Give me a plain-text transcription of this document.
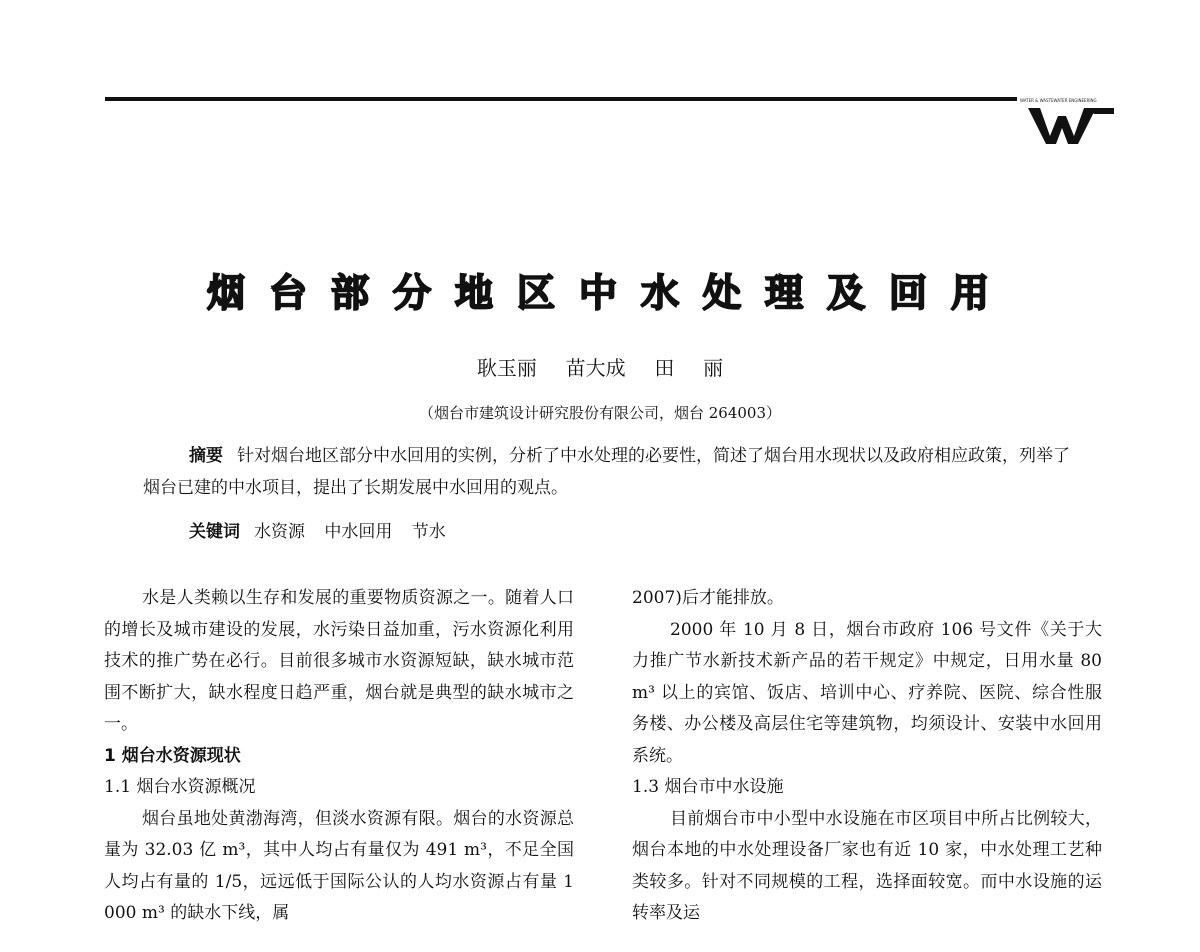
WATER & WASTEWATER ENGINEERING
烟台部分地区中水处理及回用
耿玉丽  苗大成  田  丽
（烟台市建筑设计研究股份有限公司，烟台 264003）

摘要 针对烟台地区部分中水回用的实例，分析了中水处理的必要性，简述了烟台用水现状以及政府相应政策，列举了烟台已建的中水项目，提出了长期发展中水回用的观点。

关键词 水资源 中水回用 节水

水是人类赖以生存和发展的重要物质资源之一。随着人口的增长及城市建设的发展，水污染日益加重，污水资源化利用技术的推广势在必行。目前很多城市水资源短缺，缺水城市范围不断扩大，缺水程度日趋严重，烟台就是典型的缺水城市之一。

1 烟台水资源现状
1.1 烟台水资源概况

烟台虽地处黄渤海湾，但淡水资源有限。烟台的水资源总量为 32.03 亿 m³，其中人均占有量仅为 491 m³，不足全国人均占有量的 1/5，远远低于国际公认的人均水资源占有量 1 000 m³ 的缺水下线，属

2007)后才能排放。

2000 年 10 月 8 日，烟台市政府 106 号文件《关于大力推广节水新技术新产品的若干规定》中规定，日用水量 80 m³ 以上的宾馆、饭店、培训中心、疗养院、医院、综合性服务楼、办公楼及高层住宅等建筑物，均须设计、安装中水回用系统。

1.3 烟台市中水设施

目前烟台市中小型中水设施在市区项目中所占比例较大，烟台本地的中水处理设备厂家也有近 10 家，中水处理工艺种类较多。针对不同规模的工程，选择面较宽。而中水设施的运转率及运
